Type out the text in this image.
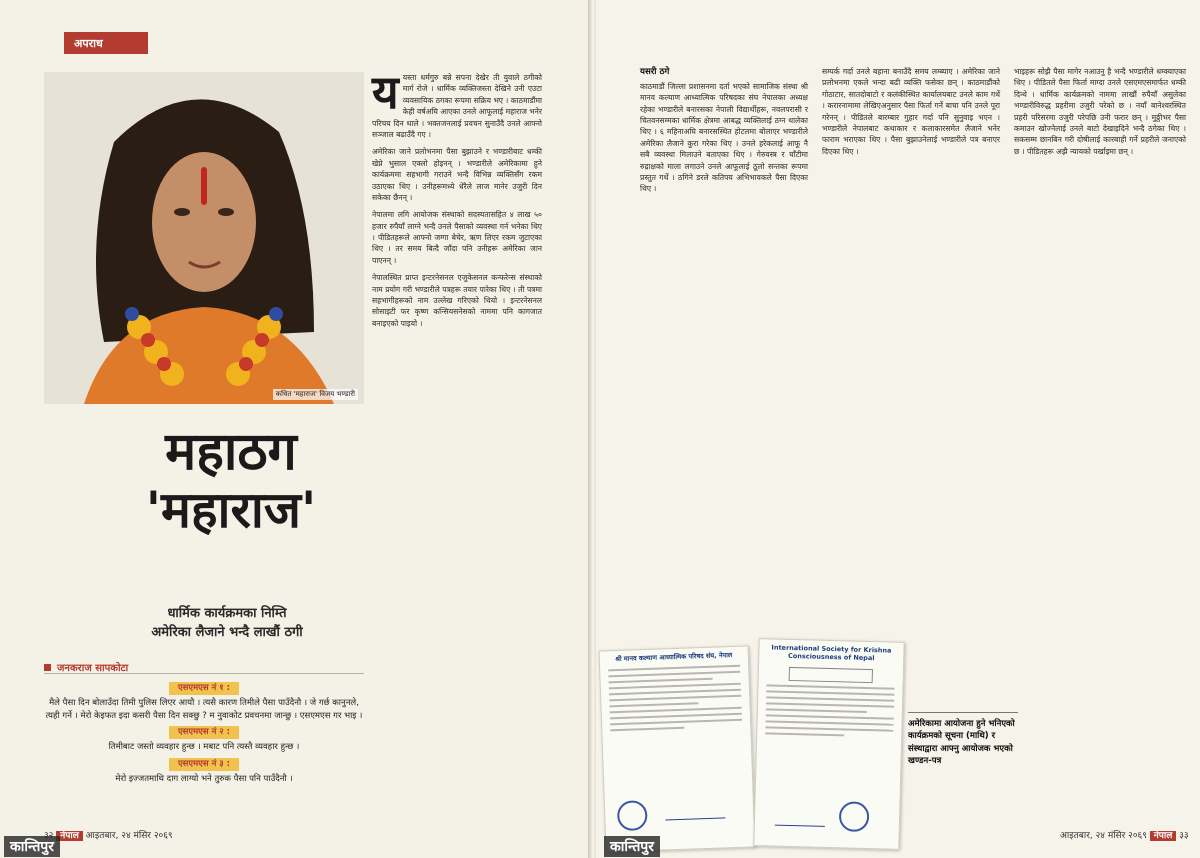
अपराध
कथित 'महाराज' विजय भण्डारी
महाठग
'महाराज'
धार्मिक कार्यक्रमका निम्ति
अमेरिका लैजाने भन्दै लाखौं ठगी
जनकराज सापकोटा
एसएमएस नं १ :
मैले पैसा दिन बोलाउँदा तिमी पुलिस लिएर आयौ । त्यसै कारण तिमीले पैसा पाउँदैनौ । जे गर्छ कानुनले, त्यही गर्ने । मेरो केइफत इदा कसरी पैसा दिन सक्छु ? म नुवाकोट प्रवचनमा जान्छु । एसएमएस गर भाइ ।
एसएमएस नं २ :
तिमीबाट जस्तो व्यवहार हुन्छ । मबाट पनि त्यस्तै व्यवहार हुन्छ ।
एसएमएस नं ३ :
मेरो इज्जतमाथि दाग लाग्यो भने तुरुक पैसा पनि पाउँदैनौ ।
य यस्ता धर्मगुरु बन्ने सपना देखेर ती युवाले ठगीको मार्ग रोजे । धार्मिक व्यक्तिजस्ता देखिने उनी एउटा व्यवसायिक ठगका रूपमा सक्रिय भए । काठमाडौंमा केही वर्षअघि आएका उनले आफूलाई महाराज भनेर परिचय दिन थाले । भक्तजनलाई प्रवचन सुनाउँदै उनले आफ्नो सञ्जाल बढाउँदै गए ।

अमेरिका जाने प्रलोभनमा पैसा बुझाउने र भण्डारीबाट धम्की खेप्ने भुसाल एक्लो होइनन् । भण्डारीले अमेरिकामा हुने कार्यक्रममा सहभागी गराउने भन्दै विभिन्न व्यक्तिसँग रकम उठाएका थिए । उनीहरूमध्ये धेरैले लाज मानेर उजुरी दिन सकेका छैनन् ।

नेपालमा लगि आयोजक संस्थाको सदस्यतासहित ४ लाख ५० हजार रुपैयाँ लाग्ने भन्दै उनले पैसाको व्यवस्था गर्न भनेका थिए । पीडितहरूले आफ्नो जग्गा बेचेर, ऋण लिएर रकम जुटाएका थिए । तर समय बित्दै जाँदा पनि उनीहरू अमेरिका जान पाएनन् ।

नेपालस्थित प्राप्त इन्टरनेसनल एजुकेसनल कन्फरेन्स संस्थाको नाम प्रयोग गरी भण्डारीले पत्रहरू तयार पारेका थिए । ती पत्रमा सहभागीहरूको नाम उल्लेख गरिएको थियो । इन्टरनेसनल सोसाइटी फर कृष्ण कन्सियसनेसको नाममा पनि कागजात बनाइएको पाइयो ।

नेपाल आइतबार, २४ मंसिर २०६९
यसरी ठगे

काठमाडौं जिल्ला प्रशासनमा दर्ता भएको सामाजिक संस्था श्री मानव कल्याण आध्यात्मिक परिषदका संघ नेपालका अध्यक्ष रहेका भण्डारीले बनारसका नेपाली विद्यार्थीहरू, नवलपरासी र चितवनसम्मका धार्मिक क्षेत्रमा आबद्ध व्यक्तिलाई ठग्न थालेका थिए । ६ महिनाअघि बनारसस्थित होटलमा बोलाएर भण्डारीले अमेरिका लैजाने कुरा गरेका थिए । उनले हरेकलाई आफू नै सबै व्यवस्था मिलाउने बताएका थिए । गेरुवस्त्र र घाँटीमा रुद्राक्षको माला लगाउने उनले आफूलाई ठूलो सन्तका रूपमा प्रस्तुत गर्थे । ठगिने डरले कतिपय अभिभावकले पैसा दिएका थिए ।

सम्पर्क गर्दा उनले बहाना बनाउँदै समय लम्ब्याए । अमेरिका जाने प्रलोभनमा एकले भन्दा बढी व्यक्ति फसेका छन् । काठमाडौंको गोठाटार, सातदोबाटो र कलंकीस्थित कार्यालयबाट उनले काम गर्थे । करारनामामा लेखिएअनुसार पैसा फिर्ता गर्ने बाचा पनि उनले पूरा गरेनन् । पीडितले बारम्बार गुहार गर्दा पनि सुनुवाइ भएन । भण्डारीले नेपालबाट कथाकार र कलाकारसमेत लैजाने भनेर फाराम भराएका थिए । पैसा बुझाउनेलाई भण्डारीले पत्र बनाएर दिएका थिए ।

भाइहरू सोझै पैसा मागेर नआउनु है भन्दै भण्डारीले धम्क्याएका थिए । पीडितले पैसा फिर्ता माग्दा उनले एसएमएसमार्फत धम्की दिन्थे । धार्मिक कार्यक्रमको नाममा लाखौं रुपैयाँ असुलेका भण्डारीविरुद्ध प्रहरीमा उजुरी परेको छ । नयाँ बानेश्वरस्थित प्रहरी परिसरमा उजुरी परेपछि उनी फरार छन् । मुठ्ठीभर पैसा कमाउन खोज्नेलाई उनले बाटो देखाइदिने भन्दै ठगेका थिए । सकसम्म छानबिन गरी दोषीलाई कारबाही गर्ने प्रहरीले जनाएको छ । पीडितहरू अझै न्यायको पर्खाइमा छन् ।

श्री मानव कल्याण आध्यात्मिक परिषद संघ, नेपाल
International Society for Krishna Consciousness of Nepal
अमेरिकामा आयोजना हुने भनिएको कार्यक्रमको सूचना (माथि) र संस्थाद्वारा आफ्नु आयोजक भएको खण्डन-पत्र
आइतबार, २४ मंसिर २०६९ नेपाल ३३
कान्तिपुर	कान्तिपुर
